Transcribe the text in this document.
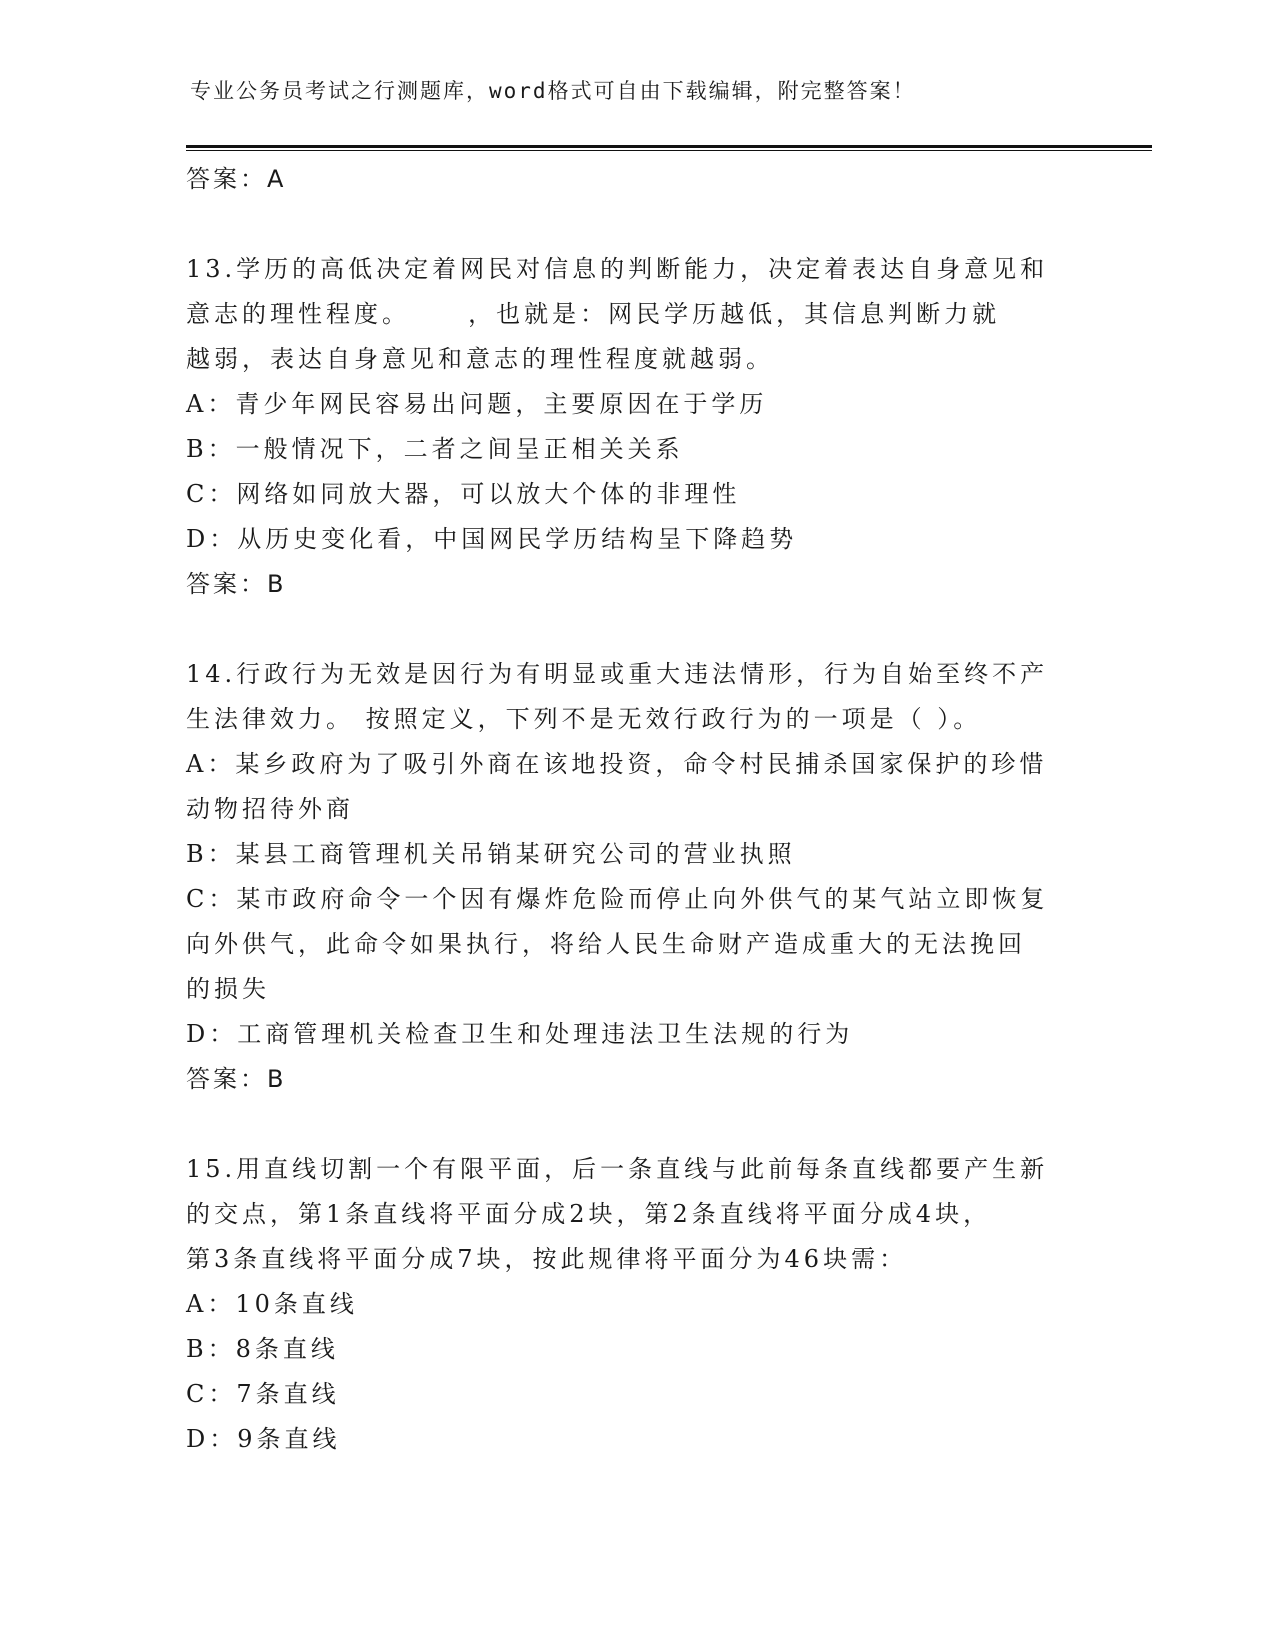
专业公务员考试之行测题库，word格式可自由下载编辑，附完整答案！
答案：A
13.学历的高低决定着网民对信息的判断能力，决定着表达自身意见和
意志的理性程度。     ，也就是：网民学历越低，其信息判断力就
越弱，表达自身意见和意志的理性程度就越弱。
A：青少年网民容易出问题，主要原因在于学历
B：一般情况下，二者之间呈正相关关系
C：网络如同放大器，可以放大个体的非理性
D：从历史变化看，中国网民学历结构呈下降趋势
答案：B
14.行政行为无效是因行为有明显或重大违法情形，行为自始至终不产
生法律效力。 按照定义，下列不是无效行政行为的一项是（ ）。
A：某乡政府为了吸引外商在该地投资，命令村民捕杀国家保护的珍惜
动物招待外商
B：某县工商管理机关吊销某研究公司的营业执照
C：某市政府命令一个因有爆炸危险而停止向外供气的某气站立即恢复
向外供气，此命令如果执行，将给人民生命财产造成重大的无法挽回
的损失
D：工商管理机关检查卫生和处理违法卫生法规的行为
答案：B
15.用直线切割一个有限平面，后一条直线与此前每条直线都要产生新
的交点，第1条直线将平面分成2块，第2条直线将平面分成4块，
第3条直线将平面分成7块，按此规律将平面分为46块需：
A：10条直线
B：8条直线
C：7条直线
D：9条直线
